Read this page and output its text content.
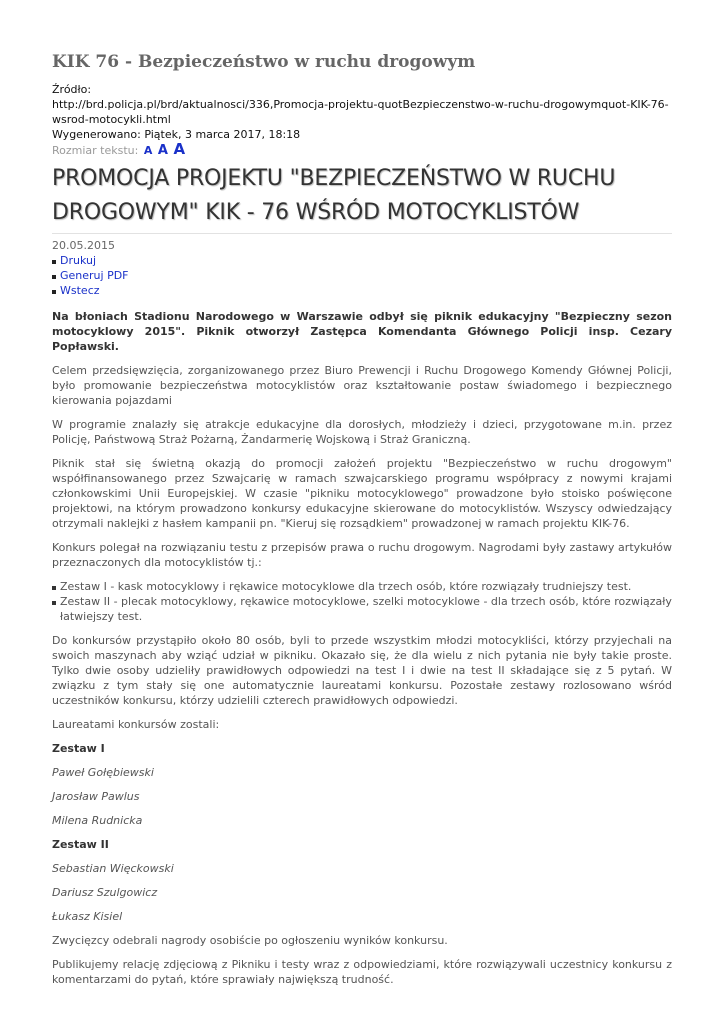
KIK 76 - Bezpieczeństwo w ruchu drogowym
Źródło:
http://brd.policja.pl/brd/aktualnosci/336,Promocja-projektu-quotBezpieczenstwo-w-ruchu-drogowymquot-KIK-76-wsrod-motocykli.html
Wygenerowano: Piątek, 3 marca 2017, 18:18
Rozmiar tekstu: A A A
PROMOCJA PROJEKTU "BEZPIECZEŃSTWO W RUCHU DROGOWYM" KIK - 76 WŚRÓD MOTOCYKLISTÓW
20.05.2015
Drukuj
Generuj PDF
Wstecz

Na błoniach Stadionu Narodowego w Warszawie odbył się piknik edukacyjny "Bezpieczny sezon motocyklowy 2015". Piknik otworzył Zastępca Komendanta Głównego Policji insp. Cezary Popławski.

Celem przedsięwzięcia, zorganizowanego przez Biuro Prewencji i Ruchu Drogowego Komendy Głównej Policji, było promowanie bezpieczeństwa motocyklistów oraz kształtowanie postaw świadomego i bezpiecznego kierowania pojazdami

W programie znalazły się atrakcje edukacyjne dla dorosłych, młodzieży i dzieci, przygotowane m.in. przez Policję, Państwową Straż Pożarną, Żandarmerię Wojskową i Straż Graniczną.

Piknik stał się świetną okazją do promocji założeń projektu "Bezpieczeństwo w ruchu drogowym" współfinansowanego przez Szwajcarię w ramach szwajcarskiego programu współpracy z nowymi krajami członkowskimi Unii Europejskiej. W czasie "pikniku motocyklowego" prowadzone było stoisko poświęcone projektowi, na którym prowadzono konkursy edukacyjne skierowane do motocyklistów. Wszyscy odwiedzający otrzymali naklejki z hasłem kampanii pn. "Kieruj się rozsądkiem" prowadzonej w ramach projektu KIK-76.

Konkurs polegał na rozwiązaniu testu z przepisów prawa o ruchu drogowym. Nagrodami były zastawy artykułów przeznaczonych dla motocyklistów tj.:

Zestaw I - kask motocyklowy i rękawice motocyklowe dla trzech osób, które rozwiązały trudniejszy test.
Zestaw II - plecak motocyklowy, rękawice motocyklowe, szelki motocyklowe - dla trzech osób, które rozwiązały łatwiejszy test.

Do konkursów przystąpiło około 80 osób, byli to przede wszystkim młodzi motocykliści, którzy przyjechali na swoich maszynach aby wziąć udział w pikniku. Okazało się, że dla wielu z nich pytania nie były takie proste. Tylko dwie osoby udzieliły prawidłowych odpowiedzi na test I i dwie na test II składające się z 5 pytań. W związku z tym stały się one automatycznie laureatami konkursu. Pozostałe zestawy rozlosowano wśród uczestników konkursu, którzy udzielili czterech prawidłowych odpowiedzi.

Laureatami konkursów zostali:

Zestaw I

Paweł Gołębiewski

Jarosław Pawlus

Milena Rudnicka

Zestaw II

Sebastian Więckowski

Dariusz Szulgowicz

Łukasz Kisiel

Zwycięzcy odebrali nagrody osobiście po ogłoszeniu wyników konkursu.

Publikujemy relację zdjęciową z Pikniku i testy wraz z odpowiedziami, które rozwiązywali uczestnicy konkursu z komentarzami do pytań, które sprawiały największą trudność.
